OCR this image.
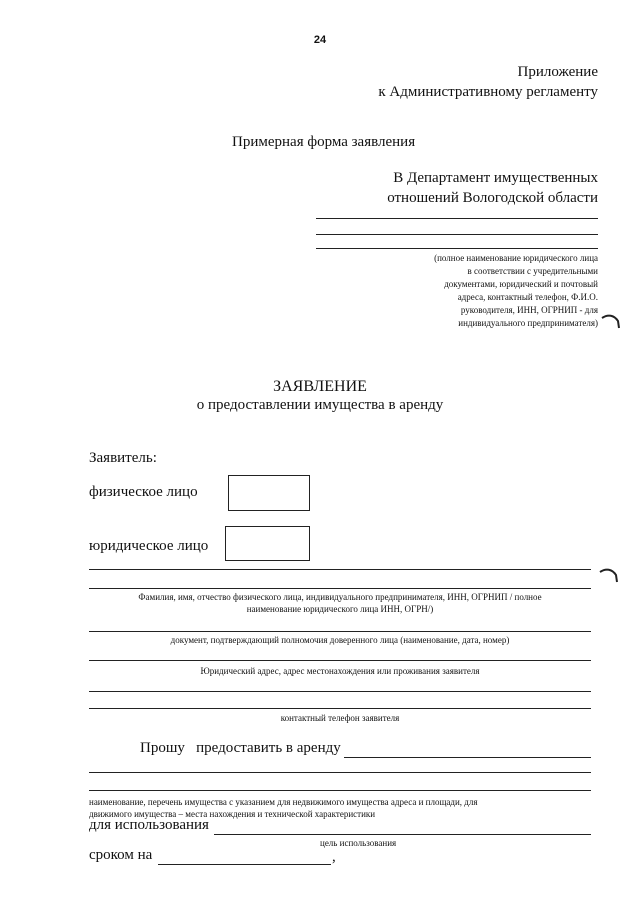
24
Приложение
к Административному регламенту
Примерная форма заявления
В Департамент имущественных
отношений Вологодской области
(полное наименование юридического лица
в соответствии с учредительными
документами, юридический и почтовый
адреса, контактный телефон, Ф.И.О.
руководителя, ИНН, ОГРНИП - для
индивидуального предпринимателя)
ЗАЯВЛЕНИЕ
о предоставлении имущества в аренду
Заявитель:
физическое лицо
юридическое лицо
Фамилия, имя, отчество физического лица, индивидуального предпринимателя, ИНН, ОГРНИП / полное
наименование юридического лица ИНН, ОГРН/)
документ, подтверждающий полномочия доверенного лица (наименование, дата, номер)
Юридический адрес, адрес местонахождения или проживания заявителя
контактный телефон заявителя
Прошу   предоставить в аренду
наименование, перечень имущества с указанием для недвижимого имущества адреса и площади, для
движимого имущества – места нахождения и технической характеристики
для использования
цель использования
сроком на	,
